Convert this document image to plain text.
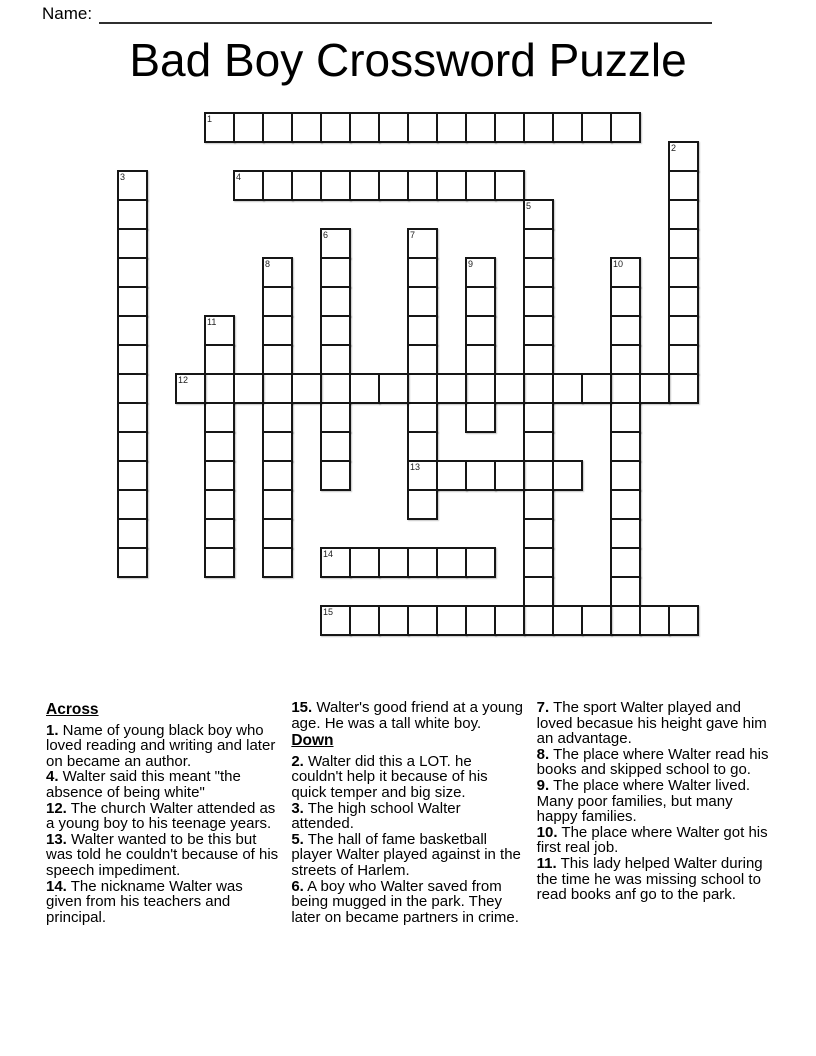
Name:
Bad Boy Crossword Puzzle
1
2
3	4
5
6	7
13
8	9	10
11
12
14
15
Across

1. Name of young black boy who loved reading and writing and later on became an author.

4. Walter said this meant "the absence of being white"

12. The church Walter attended as a young boy to his teenage years.

13. Walter wanted to be this but was told he couldn't because of his speech impediment.

14. The nickname Walter was given from his teachers and principal.

15. Walter's good friend at a young age. He was a tall white boy.

Down

2. Walter did this a LOT. he couldn't help it because of his quick temper and big size.

3. The high school Walter attended.

5. The hall of fame basketball player Walter played against in the streets of Harlem.

6. A boy who Walter saved from being mugged in the park. They later on became partners in crime.

7. The sport Walter played and loved becasue his height gave him an advantage.

8. The place where Walter read his books and skipped school to go.

9. The place where Walter lived. Many poor families, but many happy families.

10. The place where Walter got his first real job.

11. This lady helped Walter during the time he was missing school to read books anf go to the park.
